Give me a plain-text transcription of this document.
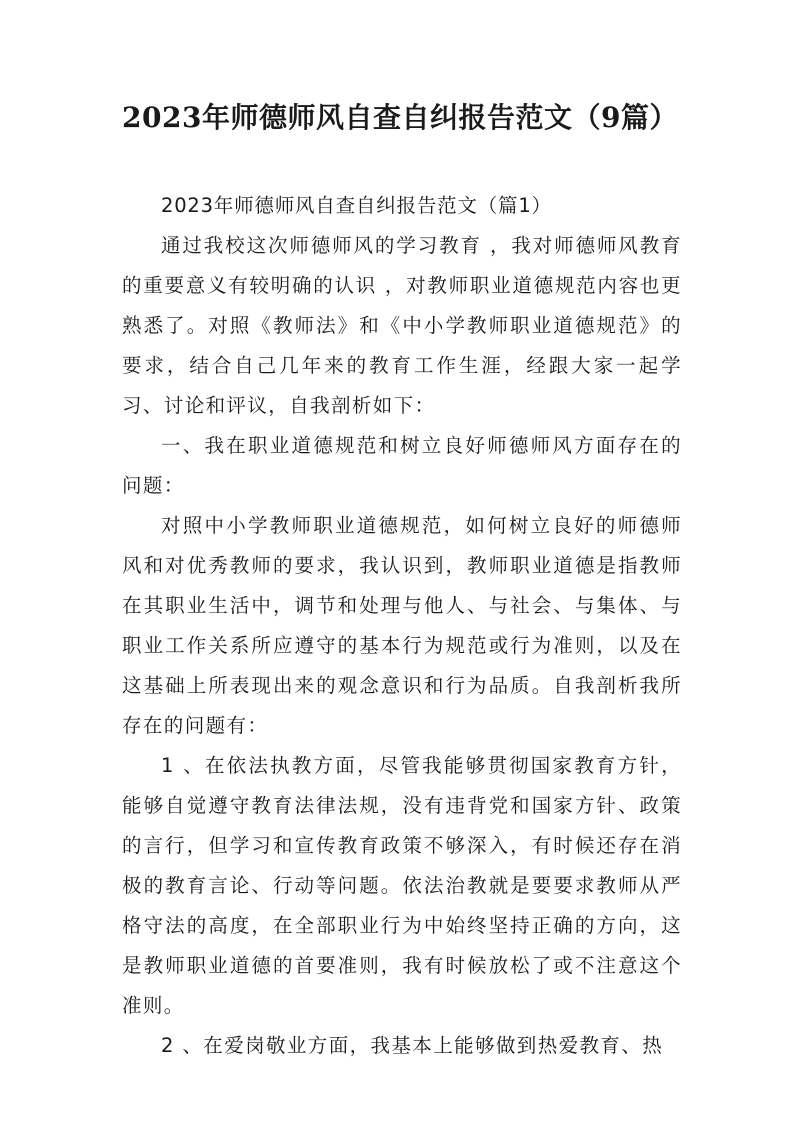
2023年师德师风自查自纠报告范文（9篇）

2023年师德师风自查自纠报告范文（篇1）

通过我校这次师德师风的学习教育 ，我对师德师风教育的重要意义有较明确的认识 ，对教师职业道德规范内容也更熟悉了。对照《教师法》和《中小学教师职业道德规范》的要求，结合自己几年来的教育工作生涯，经跟大家一起学习、讨论和评议，自我剖析如下：

一、我在职业道德规范和树立良好师德师风方面存在的问题：

对照中小学教师职业道德规范，如何树立良好的师德师风和对优秀教师的要求，我认识到，教师职业道德是指教师在其职业生活中，调节和处理与他人、与社会、与集体、与职业工作关系所应遵守的基本行为规范或行为准则，以及在这基础上所表现出来的观念意识和行为品质。自我剖析我所存在的问题有：

1 、在依法执教方面，尽管我能够贯彻国家教育方针，能够自觉遵守教育法律法规，没有违背党和国家方针、政策的言行，但学习和宣传教育政策不够深入，有时候还存在消极的教育言论、行动等问题。依法治教就是要要求教师从严格守法的高度，在全部职业行为中始终坚持正确的方向，这是教师职业道德的首要准则，我有时候放松了或不注意这个准则。

2 、在爱岗敬业方面，我基本上能够做到热爱教育、热
